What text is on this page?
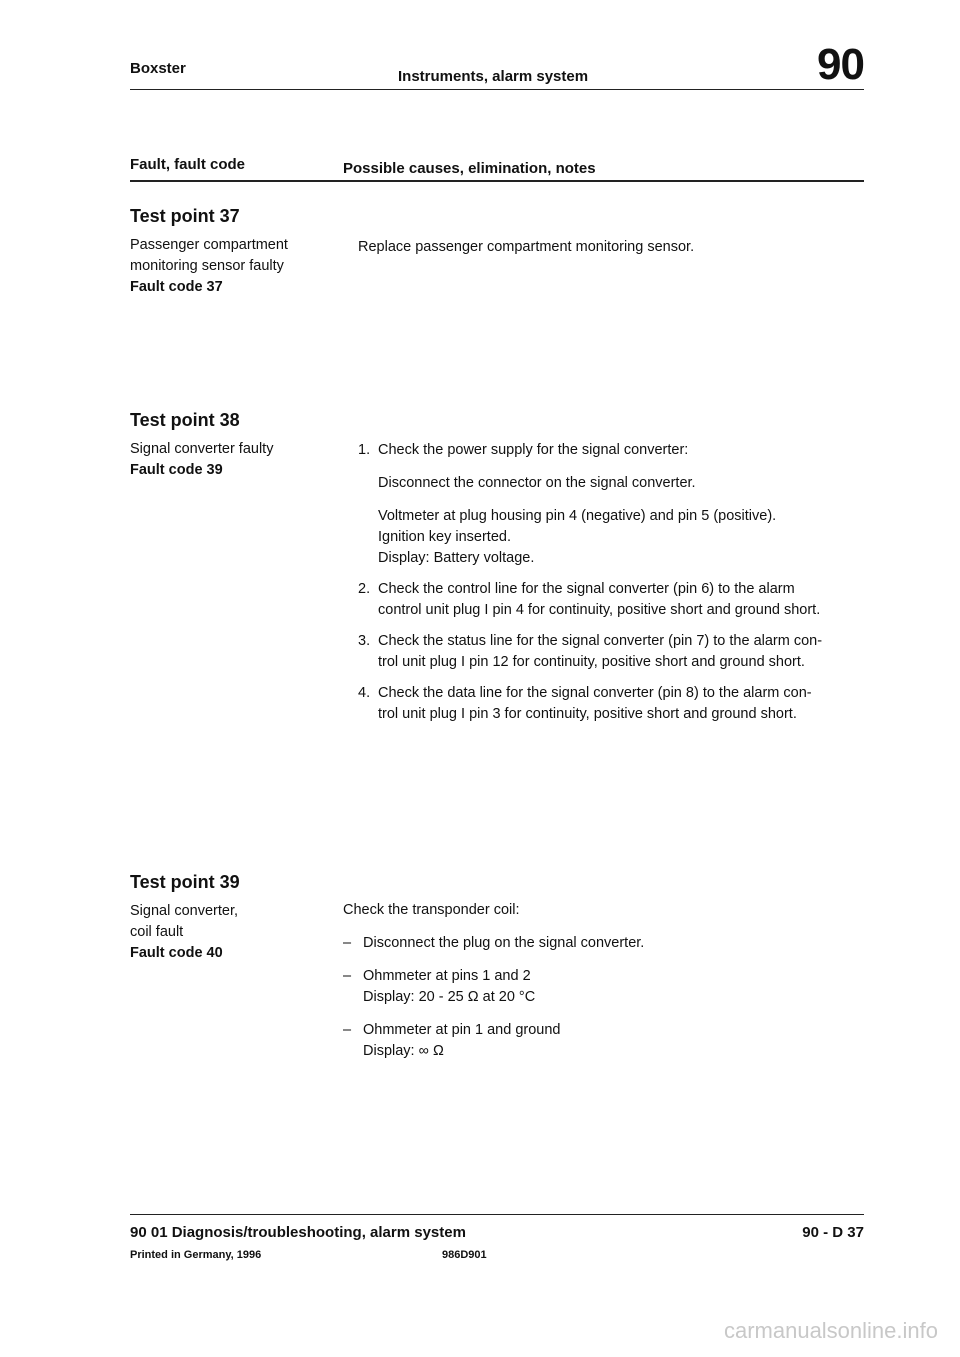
Boxster	Instruments, alarm system	90
Fault, fault code	Possible causes, elimination, notes
Test point 37
Passenger compartment
monitoring sensor faulty
Fault code 37
Replace passenger compartment monitoring sensor.
Test point 38
Signal converter faulty
Fault code 39
1. Check the power supply for the signal converter:
Disconnect the connector on the signal converter.
Voltmeter at plug housing pin 4 (negative) and pin 5 (positive).
Ignition key inserted.
Display: Battery voltage.
2. Check the control line for the signal converter (pin 6) to the alarm
control unit plug I pin 4 for continuity, positive short and ground short.
3. Check the status line for the signal converter (pin 7) to the alarm con-
trol unit plug I pin 12 for continuity, positive short and ground short.
4. Check the data line for the signal converter (pin 8) to the alarm con-
trol unit plug I pin 3 for continuity, positive short and ground short.
Test point 39
Signal converter,
coil fault
Fault code 40
Check the transponder coil:
– Disconnect the plug on the signal converter.
– Ohmmeter at pins 1 and 2
Display: 20 - 25 Ω at 20 °C
– Ohmmeter at pin 1 and ground
Display: ∞ Ω
90 01 Diagnosis/troubleshooting, alarm system	90 - D 37
Printed in Germany, 1996	986D901
carmanualsonline.info
